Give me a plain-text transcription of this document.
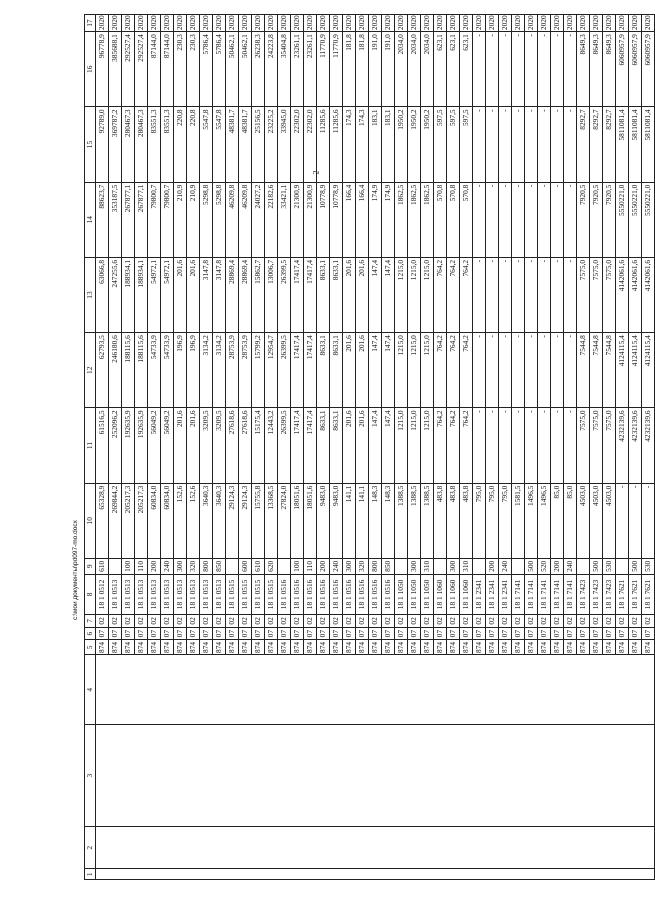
2
1	2	3	4	5	6	7	8	9	10	11	12	13	14	15	16	17
				874	07	02	18 1 0512	610	65328,9	61516,5	62793,5	63066,8	88623,7	92789,0	96778,9	2020
				874	07	02	18 1 0513		269844,2	252096,2	246180,6	247255,6	353187,5	369787,2	385688,1	2020
				874	07	02	18 1 0513	100	205217,3	192635,9	188115,6	188934,1	267877,1	280467,3	292527,4	2020
				874	07	02	18 1 0513	110	205217,3	192635,9	188115,6	188934,1	267877,1	280467,3	292527,4	2020
				874	07	02	18 1 0513	200	60834,0	56049,2	54733,9	54972,1	79800,7	83551,3	87144,0	2020
				874	07	02	18 1 0513	240	60834,0	56049,2	54733,9	54972,1	79800,7	83551,3	87144,0	2020
				874	07	02	18 1 0513	300	152,6	201,6	196,9	201,6	210,9	220,8	230,3	2020
				874	07	02	18 1 0513	320	152,6	201,6	196,9	201,6	210,9	220,8	230,3	2020
				874	07	02	18 1 0513	800	3640,3	3209,5	3134,2	3147,8	5298,8	5547,8	5786,4	2020
				874	07	02	18 1 0513	850	3640,3	3209,5	3134,2	3147,8	5298,8	5547,8	5786,4	2020
				874	07	02	18 1 0515		29124,3	27618,6	28753,9	28869,4	46209,8	48381,7	50462,1	2020
				874	07	02	18 1 0515	600	29124,3	27618,6	28753,9	28869,4	46209,8	48381,7	50462,1	2020
				874	07	02	18 1 0515	610	15755,8	15175,4	15799,2	15862,7	24027,2	25156,5	26238,3	2020
				874	07	02	18 1 0515	620	13368,5	12443,2	12954,7	13006,7	22182,6	23225,2	24223,8	2020
				874	07	02	18 1 0516		27824,0	26399,5	26399,5	26399,5	33421,1	33945,0	35404,8	2020
				874	07	02	18 1 0516	100	18051,6	17417,4	17417,4	17417,4	21300,9	22302,0	23261,1	2020
				874	07	02	18 1 0516	110	18051,6	17417,4	17417,4	17417,4	21300,9	22302,0	23261,1	2020
				874	07	02	18 1 0516	200	9483,0	8633,1	8633,1	8633,1	10778,9	11285,6	11770,9	2020
				874	07	02	18 1 0516	240	9483,0	8633,1	8633,1	8633,1	10778,9	11285,6	11770,9	2020
				874	07	02	18 1 0516	300	141,1	201,6	201,6	201,6	166,4	174,3	181,8	2020
				874	07	02	18 1 0516	320	141,1	201,6	201,6	201,6	166,4	174,3	181,8	2020
				874	07	02	18 1 0516	800	148,3	147,4	147,4	147,4	174,9	183,1	191,0	2020
				874	07	02	18 1 0516	850	148,3	147,4	147,4	147,4	174,9	183,1	191,0	2020
				874	07	02	18 1 1050		1388,5	1215,0	1215,0	1215,0	1862,5	1950,2	2034,0	2020
				874	07	02	18 1 1050	300	1388,5	1215,0	1215,0	1215,0	1862,5	1950,2	2034,0	2020
				874	07	02	18 1 1050	310	1388,5	1215,0	1215,0	1215,0	1862,5	1950,2	2034,0	2020
				874	07	02	18 1 1060		483,8	764,2	764,2	764,2	570,8	597,5	623,1	2020
				874	07	02	18 1 1060	300	483,8	764,2	764,2	764,2	570,8	597,5	623,1	2020
				874	07	02	18 1 1060	310	483,8	764,2	764,2	764,2	570,8	597,5	623,1	2020
				874	07	02	18 1 2341		795,0	-	-	-	-	-	-	2020
				874	07	02	18 1 2341	200	795,0	-	-	-	-	-	-	2020
				874	07	02	18 1 2341	240	795,0	-	-	-	-	-	-	2020
				874	07	02	18 1 7141		1581,5	-	-	-	-	-	-	2020
				874	07	02	18 1 7141	500	1496,5	-	-	-	-	-	-	2020
				874	07	02	18 1 7141	520	1496,5	-	-	-	-	-	-	2020
				874	07	02	18 1 7141	200	85,0	-	-	-	-	-	-	2020
				874	07	02	18 1 7141	240	85,0	-	-	-	-	-	-	2020
				874	07	02	18 1 7423		4503,0	7575,0	7544,8	7575,0	7920,5	8292,7	8649,3	2020
				874	07	02	18 1 7423	500	4503,0	7575,0	7544,8	7575,0	7920,5	8292,7	8649,3	2020
				874	07	02	18 1 7423	530	4503,0	7575,0	7544,8	7575,0	7920,5	8292,7	8649,3	2020
				874	07	02	18 1 7621		-	4232139,6	4124115,4	4142061,6	5550221,0	5811081,4	6060957,9	2020
				874	07	02	18 1 7621	500	-	4232139,6	4124115,4	4142061,6	5550221,0	5811081,4	6060957,9	2020
				874	07	02	18 1 7621	530	-	4232139,6	4124115,4	4142061,6	5550221,0	5811081,4	6060957,9	2020
c:\мои документы\pd097-mo.docx
